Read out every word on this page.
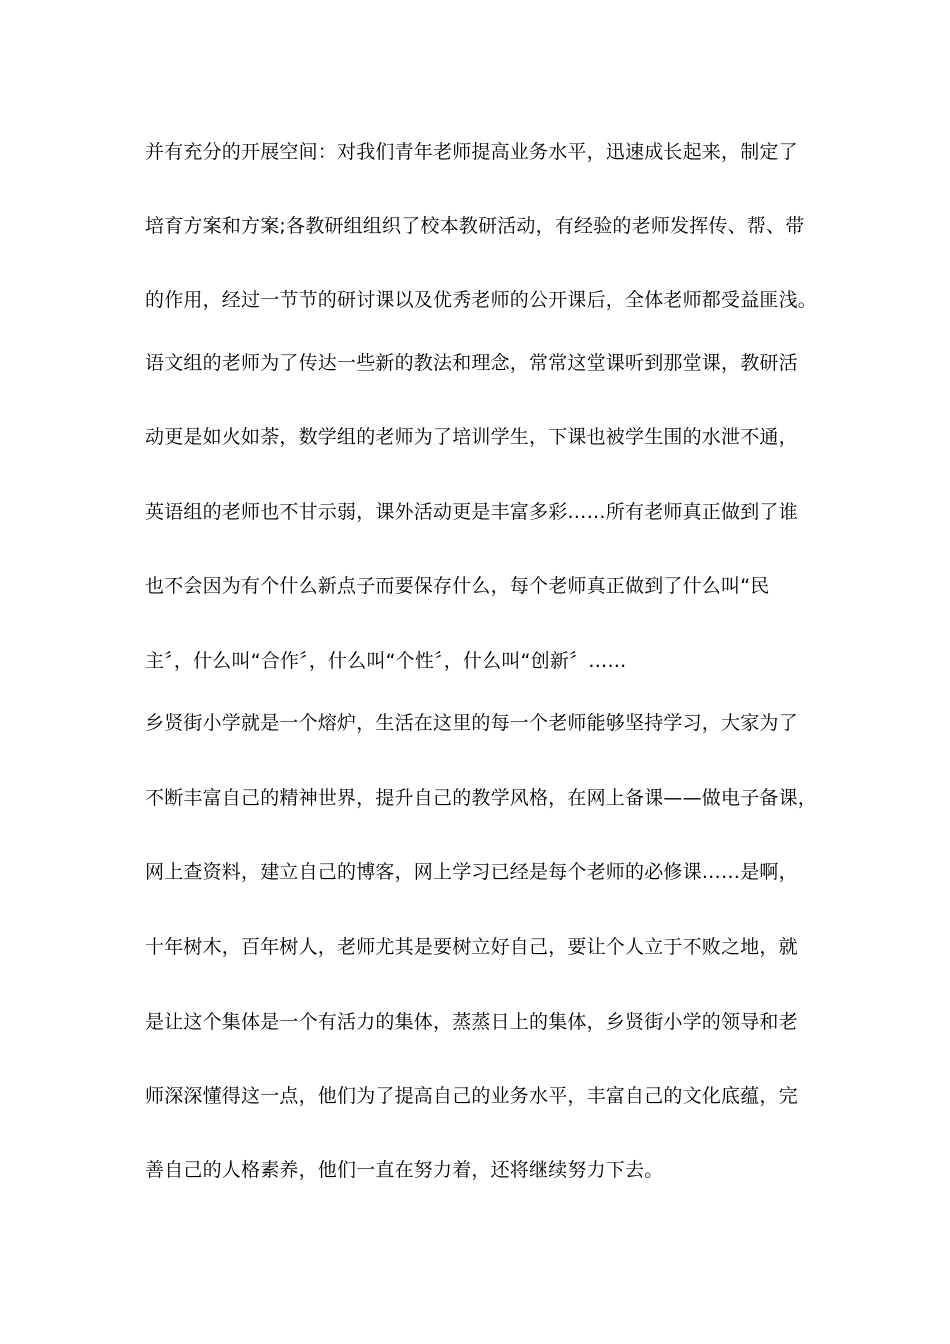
并有充分的开展空间：对我们青年老师提高业务水平，迅速成长起来，制定了
培育方案和方案;各教研组组织了校本教研活动，有经验的老师发挥传、帮、带
的作用，经过一节节的研讨课以及优秀老师的公开课后，全体老师都受益匪浅。
语文组的老师为了传达一些新的教法和理念，常常这堂课听到那堂课，教研活
动更是如火如荼，数学组的老师为了培训学生，下课也被学生围的水泄不通，
英语组的老师也不甘示弱，课外活动更是丰富多彩……所有老师真正做到了谁
也不会因为有个什么新点子而要保存什么，每个老师真正做到了什么叫“民
主〞，什么叫“合作〞，什么叫“个性〞，什么叫“创新〞……
乡贤街小学就是一个熔炉，生活在这里的每一个老师能够坚持学习，大家为了
不断丰富自己的精神世界，提升自己的教学风格，在网上备课——做电子备课，
网上查资料，建立自己的博客，网上学习已经是每个老师的必修课……是啊，
十年树木，百年树人，老师尤其是要树立好自己，要让个人立于不败之地，就
是让这个集体是一个有活力的集体，蒸蒸日上的集体，乡贤街小学的领导和老
师深深懂得这一点，他们为了提高自己的业务水平，丰富自己的文化底蕴，完
善自己的人格素养，他们一直在努力着，还将继续努力下去。
